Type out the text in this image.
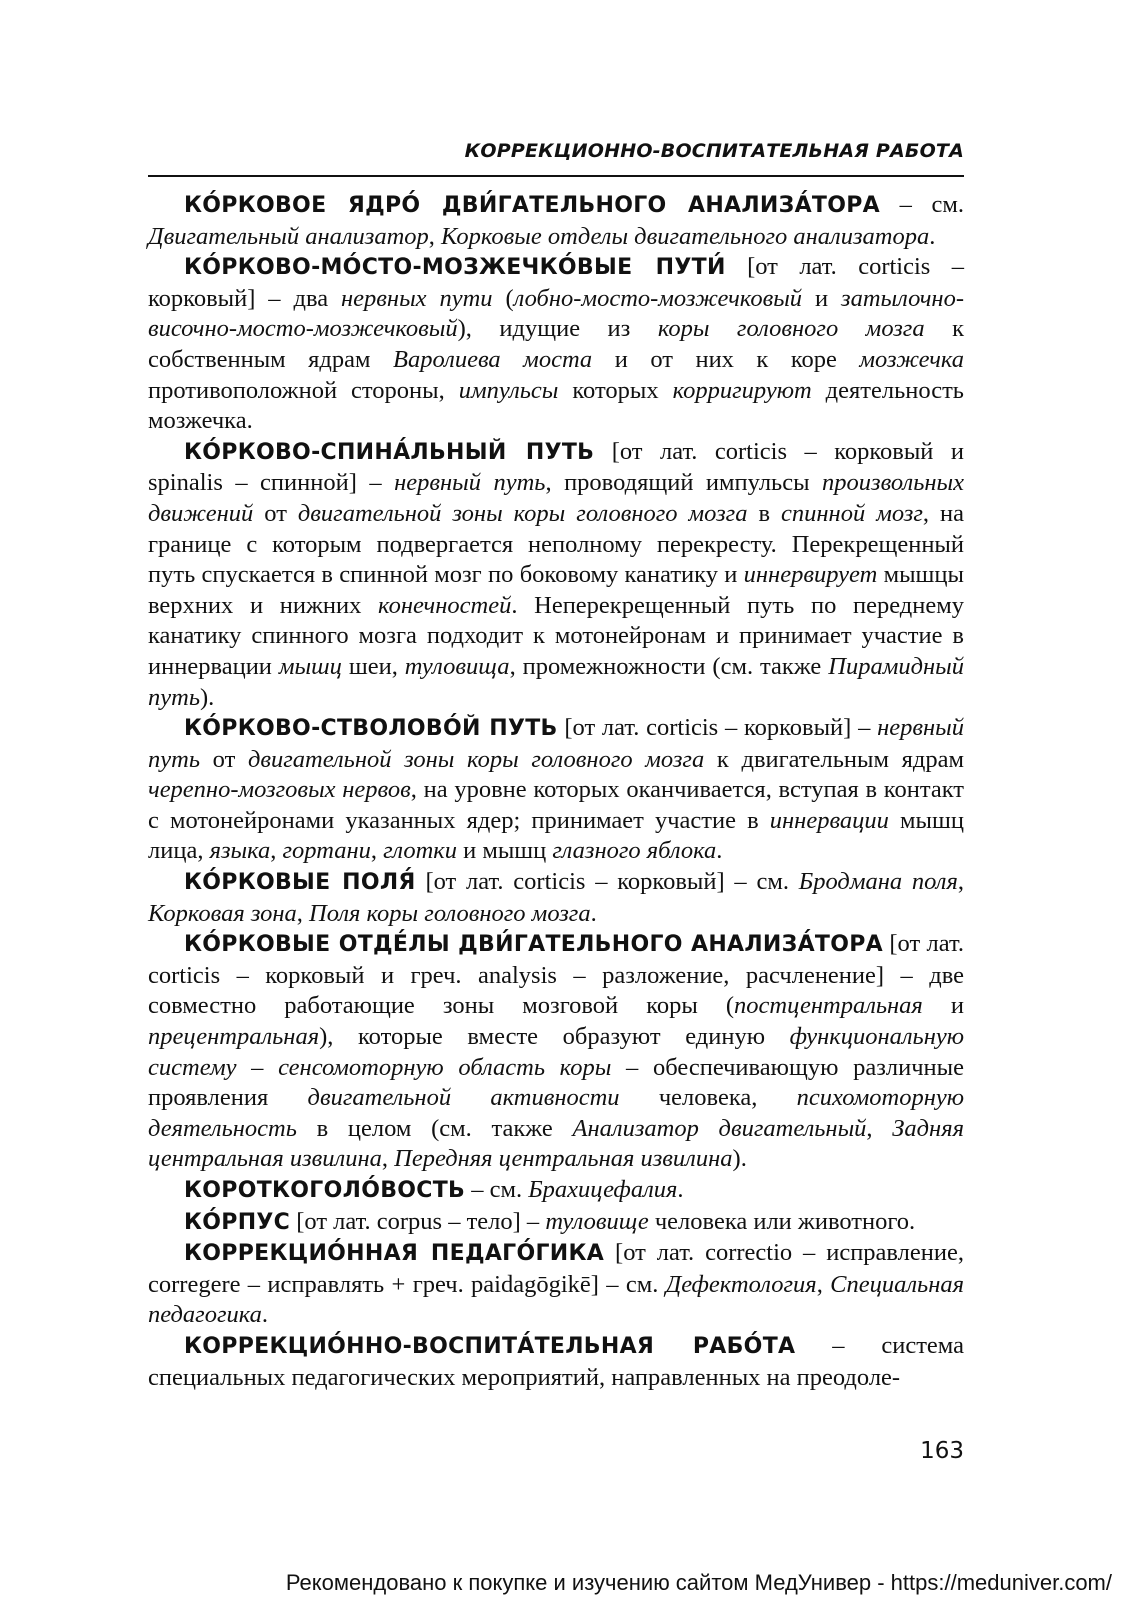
КОРРЕКЦИОННО-ВОСПИТАТЕЛЬНАЯ РАБОТА

КО́РКОВОЕ ЯДРО́ ДВИ́ГАТЕЛЬНОГО АНАЛИЗА́ТОРА – см. Двигательный анализатор, Корковые отделы двигательного анализатора.

КО́РКОВО-МО́СТО-МОЗЖЕЧКО́ВЫЕ ПУТИ́ [от лат. corticis – корковый] – два нервных пути (лобно-мосто-мозжечковый и затылочно-височно-мосто-мозжечковый), идущие из коры головного мозга к собственным ядрам Варолиева моста и от них к коре мозжечка противоположной стороны, импульсы которых корригируют деятельность мозжечка.

КО́РКОВО-СПИНА́ЛЬНЫЙ ПУТЬ [от лат. corticis – корковый и spinalis – спинной] – нервный путь, проводящий импульсы произвольных движений от двигательной зоны коры головного мозга в спинной мозг, на границе с которым подвергается неполному перекресту. Перекрещенный путь спускается в спинной мозг по боковому канатику и иннервирует мышцы верхних и нижних конечностей. Неперекрещенный путь по переднему канатику спинного мозга подходит к мотонейронам и принимает участие в иннервации мышц шеи, туловища, промежножности (см. также Пирамидный путь).

КО́РКОВО-СТВОЛОВО́Й ПУТЬ [от лат. corticis – корковый] – нервный путь от двигательной зоны коры головного мозга к двигательным ядрам черепно-мозговых нервов, на уровне которых оканчивается, вступая в контакт с мотонейронами указанных ядер; принимает участие в иннервации мышц лица, языка, гортани, глотки и мышц глазного яблока.

КО́РКОВЫЕ ПОЛЯ́ [от лат. corticis – корковый] – см. Бродмана поля, Корковая зона, Поля коры головного мозга.

КО́РКОВЫЕ ОТДЕ́ЛЫ ДВИ́ГАТЕЛЬНОГО АНАЛИЗА́ТОРА [от лат. corticis – корковый и греч. analysis – разложение, расчленение] – две совместно работающие зоны мозговой коры (постцентральная и прецентральная), которые вместе образуют единую функциональную систему – сенсомоторную область коры – обеспечивающую различные проявления двигательной активности человека, психомоторную деятельность в целом (см. также Анализатор двигательный, Задняя центральная извилина, Передняя центральная извилина).

КОРОТКОГОЛО́ВОСТЬ – см. Брахицефалия.

КО́РПУС [от лат. corpus – тело] – туловище человека или животного.

КОРРЕКЦИО́ННАЯ ПЕДАГО́ГИКА [от лат. correctio – исправление, corregere – исправлять + греч. paidagōgikē] – см. Дефектология, Специальная педагогика.

КОРРЕКЦИО́ННО-ВОСПИТА́ТЕЛЬНАЯ РАБО́ТА – система специальных педагогических мероприятий, направленных на преодоле-

163
Рекомендовано к покупке и изучению сайтом МедУнивер - https://meduniver.com/
